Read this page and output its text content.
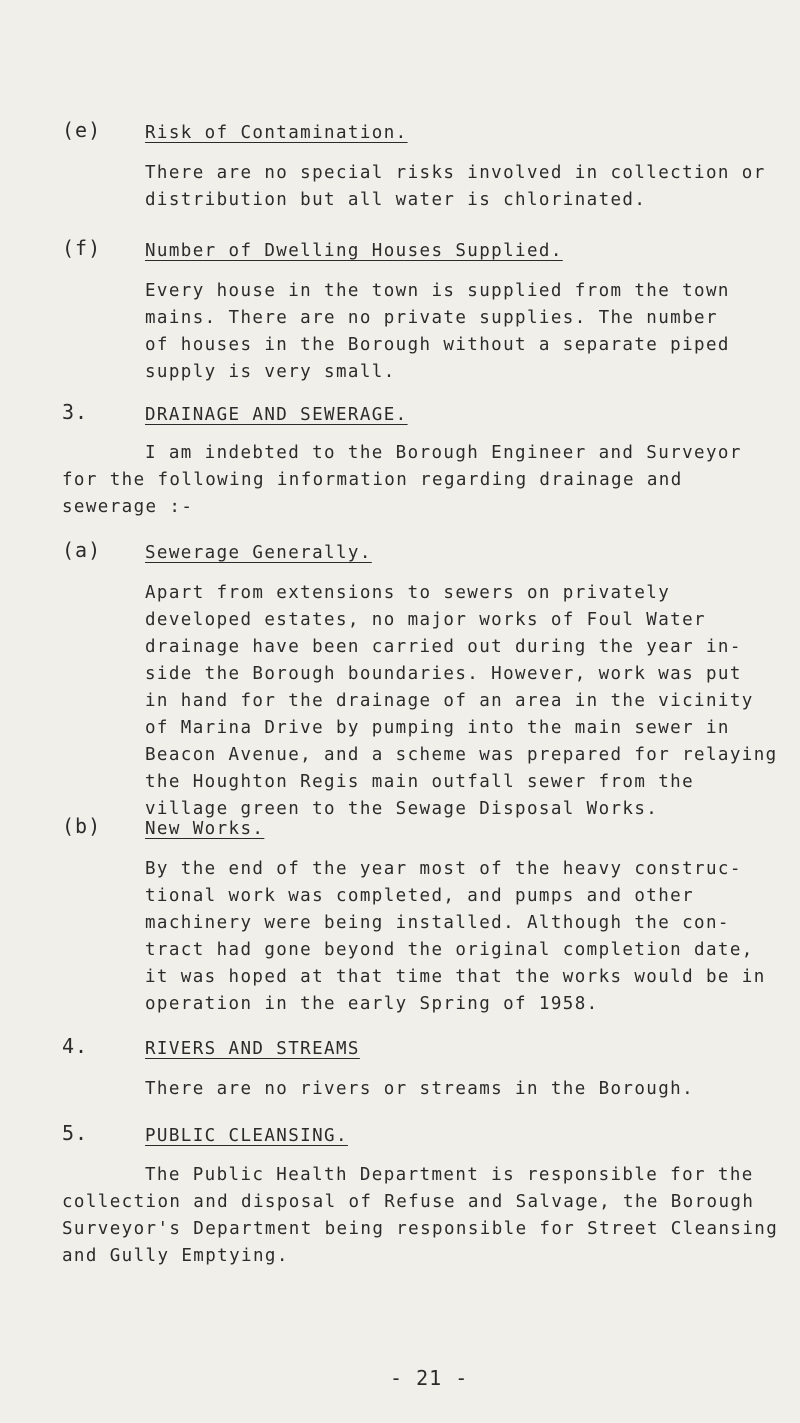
(e)	Risk of Contamination.
There are no special risks involved in collection or
distribution but all water is chlorinated.
(f)	Number of Dwelling Houses Supplied.
Every house in the town is supplied from the town
mains. There are no private supplies. The number
of houses in the Borough without a separate piped
supply is very small.
3.	DRAINAGE AND SEWERAGE.
I am indebted to the Borough Engineer and Surveyor
for the following information regarding drainage and
sewerage :-
(a)	Sewerage Generally.
Apart from extensions to sewers on privately
developed estates, no major works of Foul Water
drainage have been carried out during the year in-
side the Borough boundaries. However, work was put
in hand for the drainage of an area in the vicinity
of Marina Drive by pumping into the main sewer in
Beacon Avenue, and a scheme was prepared for relaying
the Houghton Regis main outfall sewer from the
village green to the Sewage Disposal Works.
(b)	New Works.
By the end of the year most of the heavy construc-
tional work was completed, and pumps and other
machinery were being installed. Although the con-
tract had gone beyond the original completion date,
it was hoped at that time that the works would be in
operation in the early Spring of 1958.
4.	RIVERS AND STREAMS
There are no rivers or streams in the Borough.
5.	PUBLIC CLEANSING.
The Public Health Department is responsible for the
collection and disposal of Refuse and Salvage, the Borough
Surveyor's Department being responsible for Street Cleansing
and Gully Emptying.
- 21 -
